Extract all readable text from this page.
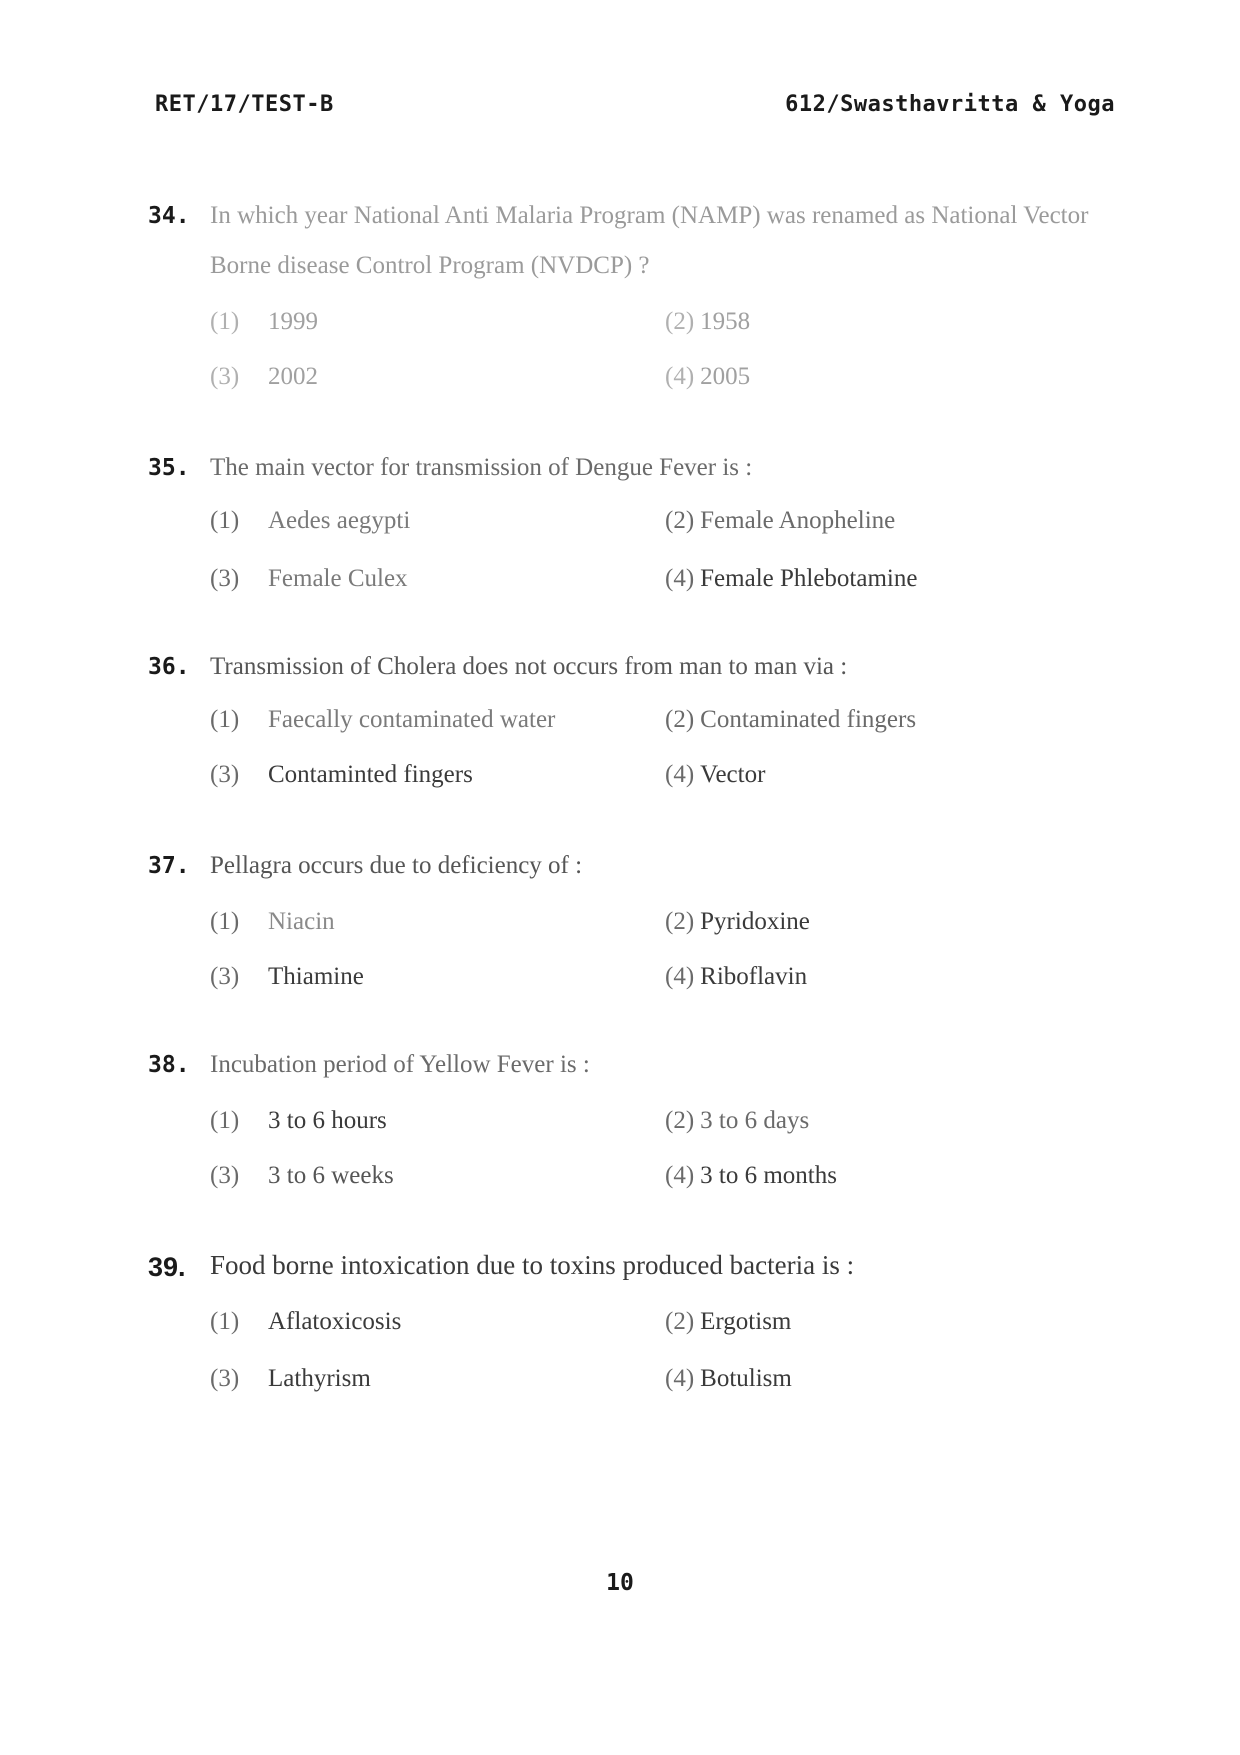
RET/17/TEST-B	612/Swasthavritta & Yoga
34. In which year National Anti Malaria Program (NAMP) was renamed as National Vector Borne disease Control Program (NVDCP) ?
(1) 1999	(2) 1958
(3) 2002	(4) 2005
35. The main vector for transmission of Dengue Fever is :
(1) Aedes aegypti	(2) Female Anopheline
(3) Female Culex	(4) Female Phlebotamine
36. Transmission of Cholera does not occurs from man to man via :
(1) Faecally contaminated water	(2) Contaminated fingers
(3) Contaminted fingers	(4) Vector
37. Pellagra occurs due to deficiency of :
(1) Niacin	(2) Pyridoxine
(3) Thiamine	(4) Riboflavin
38. Incubation period of Yellow Fever is :
(1) 3 to 6 hours	(2) 3 to 6 days
(3) 3 to 6 weeks	(4) 3 to 6 months
39. Food borne intoxication due to toxins produced bacteria is :
(1) Aflatoxicosis	(2) Ergotism
(3) Lathyrism	(4) Botulism
10
